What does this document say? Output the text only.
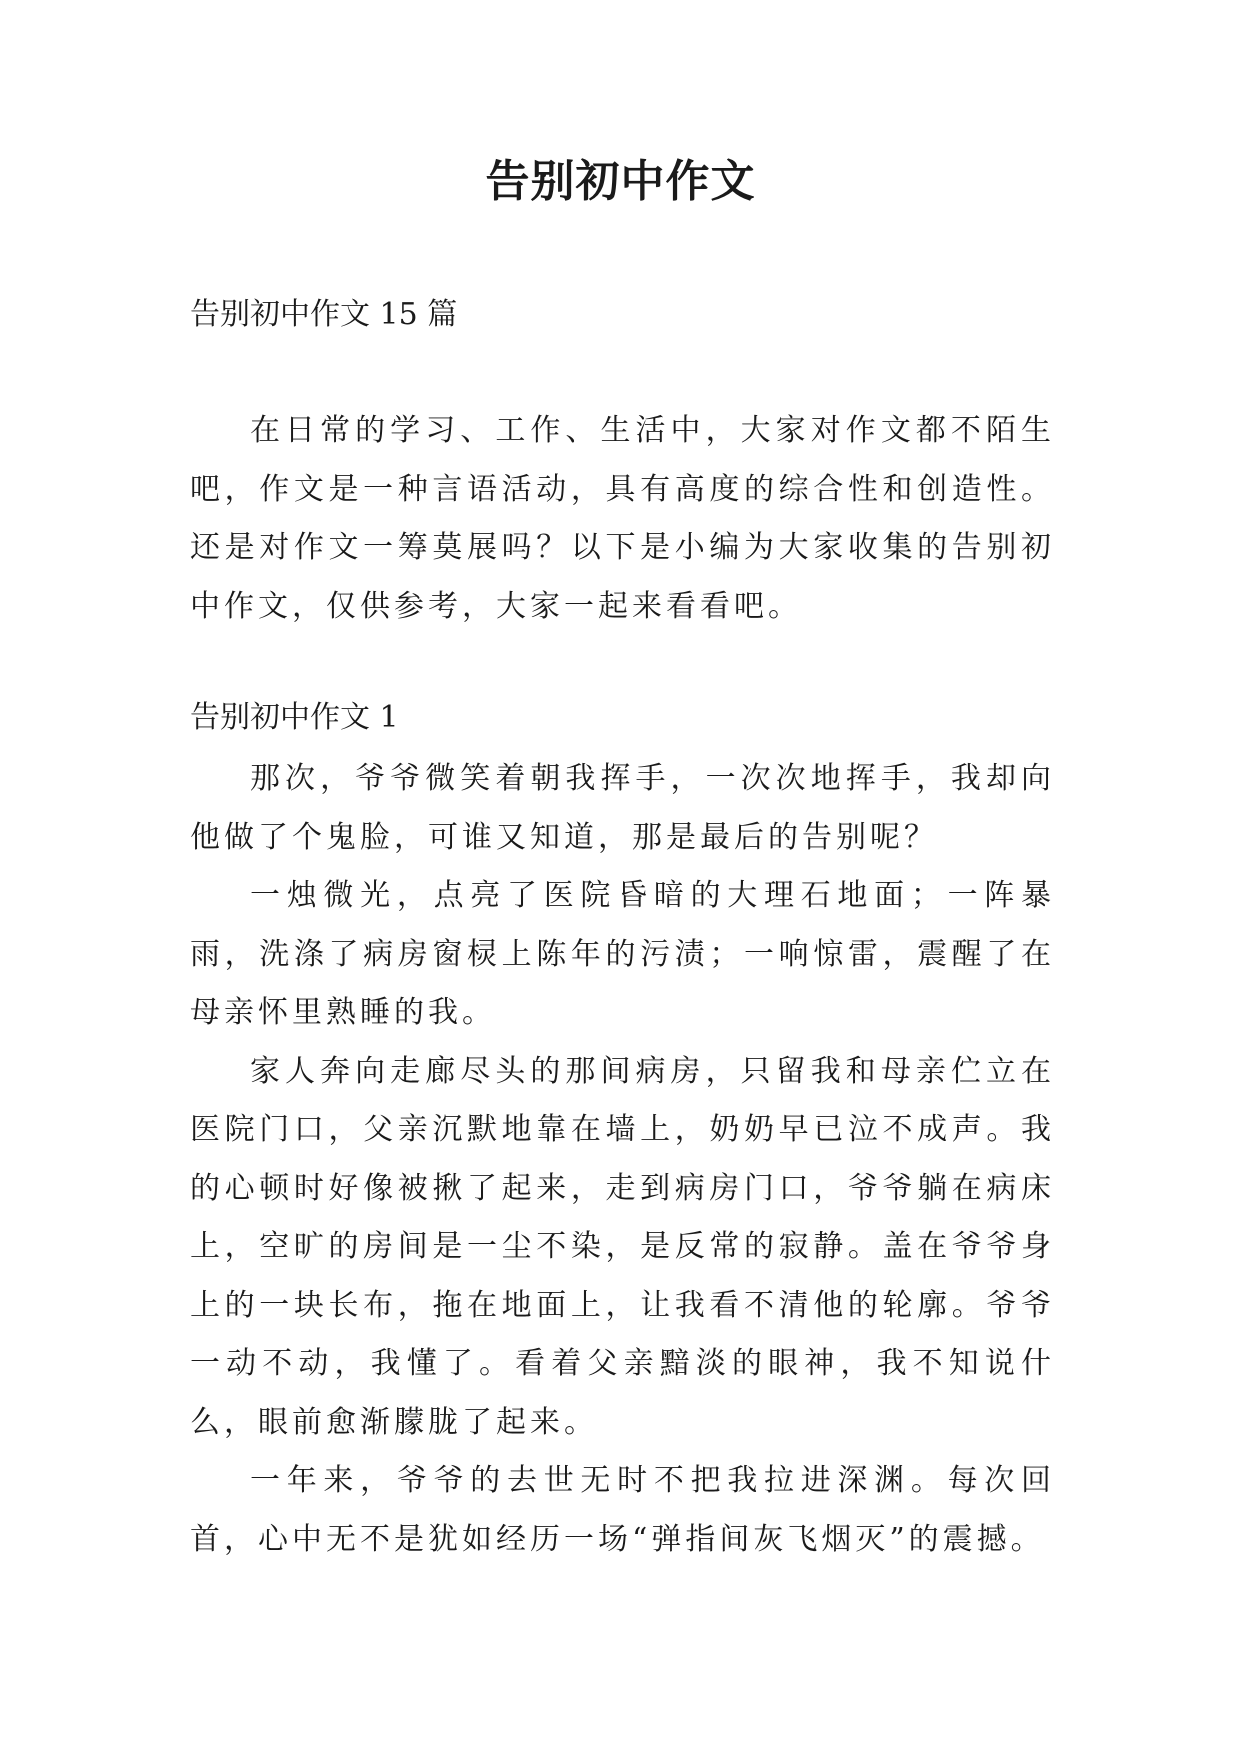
告别初中作文

告别初中作文 15 篇

在日常的学习、工作、生活中，大家对作文都不陌生吧，作文是一种言语活动，具有高度的综合性和创造性。还是对作文一筹莫展吗？以下是小编为大家收集的告别初中作文，仅供参考，大家一起来看看吧。

告别初中作文 1

那次，爷爷微笑着朝我挥手，一次次地挥手，我却向他做了个鬼脸，可谁又知道，那是最后的告别呢？

一烛微光，点亮了医院昏暗的大理石地面；一阵暴雨，洗涤了病房窗棂上陈年的污渍；一响惊雷，震醒了在母亲怀里熟睡的我。

家人奔向走廊尽头的那间病房，只留我和母亲伫立在医院门口，父亲沉默地靠在墙上，奶奶早已泣不成声。我的心顿时好像被揪了起来，走到病房门口，爷爷躺在病床上，空旷的房间是一尘不染，是反常的寂静。盖在爷爷身上的一块长布，拖在地面上，让我看不清他的轮廓。爷爷一动不动，我懂了。看着父亲黯淡的眼神，我不知说什么，眼前愈渐朦胧了起来。

一年来，爷爷的去世无时不把我拉进深渊。每次回首，心中无不是犹如经历一场“弹指间灰飞烟灭”的震撼。
